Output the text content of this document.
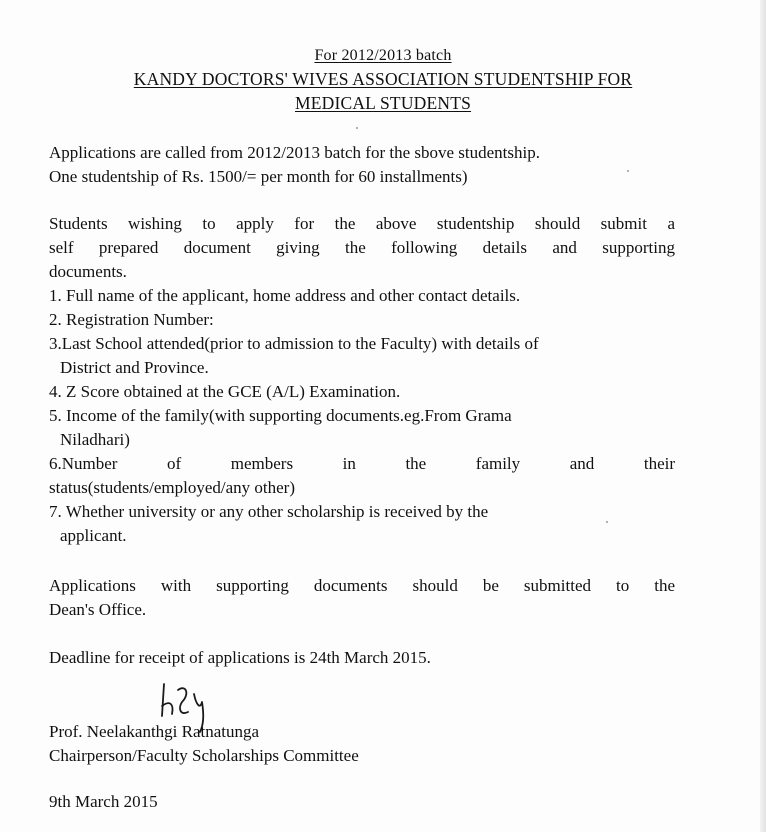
For 2012/2013 batch
KANDY DOCTORS' WIVES ASSOCIATION STUDENTSHIP FOR
MEDICAL STUDENTS
Applications are called from 2012/2013 batch for the sbove studentship.
One studentship of Rs. 1500/= per month for 60 installments)
Students wishing to apply for the above studentship should submit a
self prepared document giving the following details and supporting
documents.
1. Full name of the applicant, home address and other contact details.
2. Registration Number:
3.Last School attended(prior to admission to the Faculty) with details of
District and Province.
4. Z Score obtained at the GCE (A/L) Examination.
5. Income of the family(with supporting documents.eg.From Grama
Niladhari)
6.Number of members in the family and their
status(students/employed/any other)
7. Whether university or any other scholarship is received by the
applicant.
Applications with supporting documents should be submitted to the
Dean's Office.
Deadline for receipt of applications is 24th March 2015.
Prof. Neelakanthgi Ratnatunga
Chairperson/Faculty Scholarships Committee
9th March 2015
